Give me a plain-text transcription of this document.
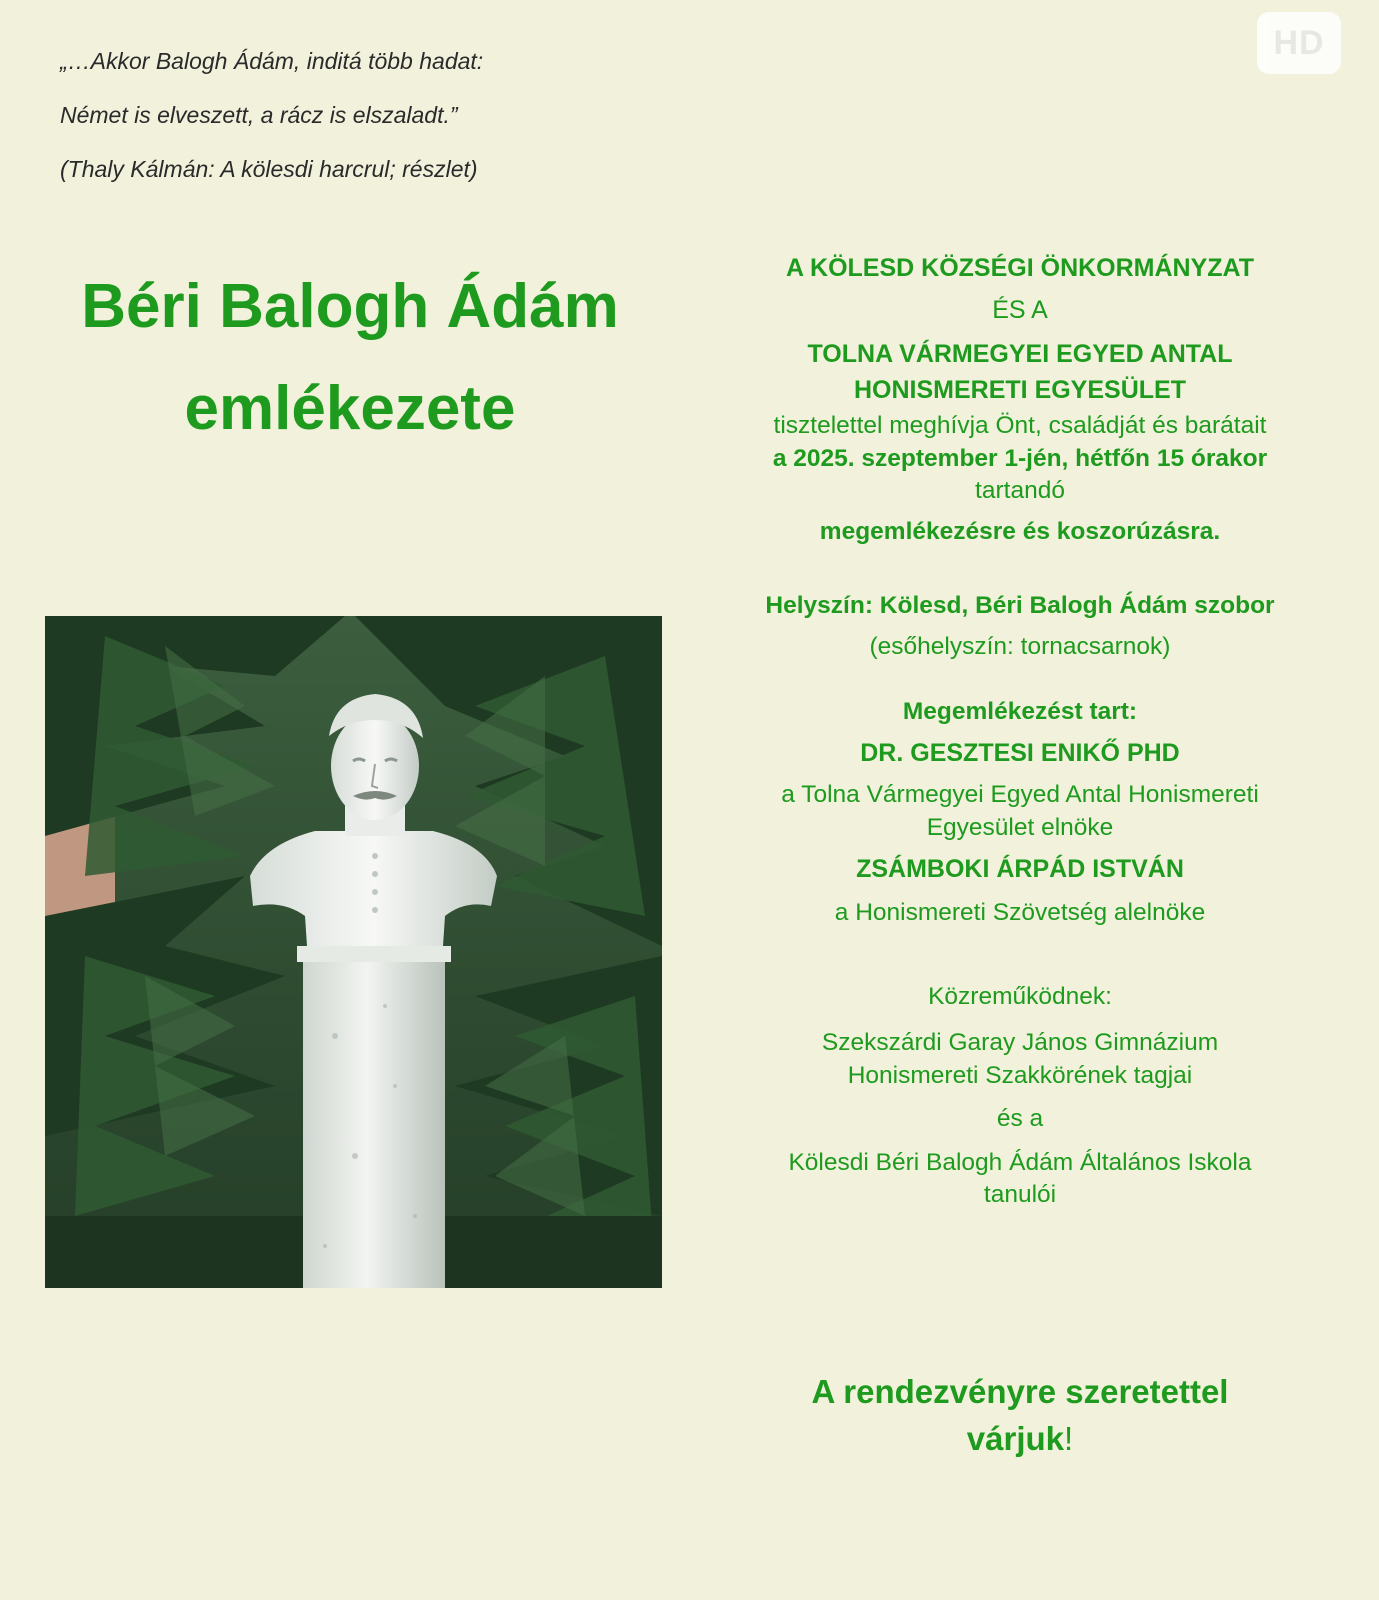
„…Akkor Balogh Ádám, inditá több hadat:
Német is elveszett, a rácz is elszaladt.”
(Thaly Kálmán: A kölesdi harcrul; részlet)
HD
Béri Balogh Ádám
emlékezete
A KÖLESD KÖZSÉGI ÖNKORMÁNYZAT
ÉS A
TOLNA VÁRMEGYEI EGYED ANTAL
HONISMERETI EGYESÜLET
tisztelettel meghívja Önt, családját és barátait
a 2025. szeptember 1-jén, hétfőn 15 órakor
tartandó
megemlékezésre és koszorúzásra.
Helyszín: Kölesd, Béri Balogh Ádám szobor
(esőhelyszín: tornacsarnok)
Megemlékezést tart:
DR. GESZTESI ENIKŐ PHD
a Tolna Vármegyei Egyed Antal Honismereti
Egyesület elnöke
ZSÁMBOKI ÁRPÁD ISTVÁN
a Honismereti Szövetség alelnöke
Közreműködnek:
Szekszárdi Garay János Gimnázium
Honismereti Szakkörének tagjai
és a
Kölesdi Béri Balogh Ádám Általános Iskola
tanulói
A rendezvényre szeretettel
várjuk!
